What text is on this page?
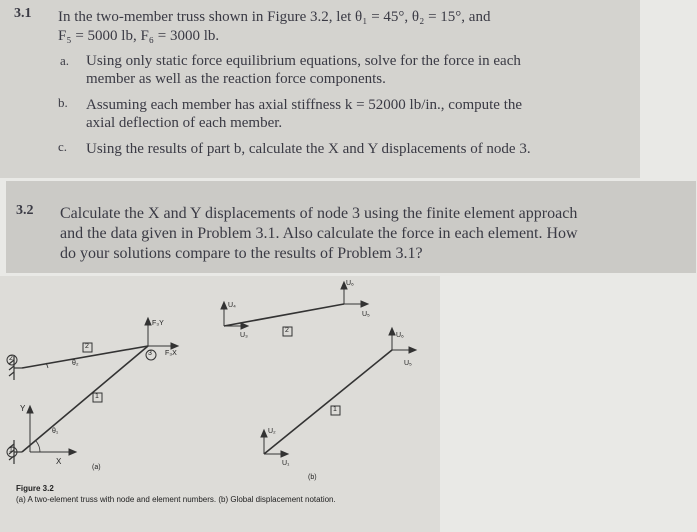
3.1 In the two-member truss shown in Figure 3.2, let θ₁ = 45°, θ₂ = 15°, and
F₅ = 5000 lb, F₆ = 3000 lb.
a. Using only static force equilibrium equations, solve for the force in each
member as well as the reaction force components.
b. Assuming each member has axial stiffness k = 52000 lb/in., compute the
axial deflection of each member.
c. Using the results of part b, calculate the X and Y displacements of node 3.
3.2 Calculate the X and Y displacements of node 3 using the finite element approach
and the data given in Problem 3.1. Also calculate the force in each element. How
do your solutions compare to the results of Problem 3.1?
2
1
3
2
1
θ₁
θ₂
Y
X
F₃Y
F₃X
(a)
U₄
U₃
U₆
U₅
U₂
U₁
U₆
U₅
2
1
(b)
Figure 3.2
(a) A two-element truss with node and element numbers. (b) Global displacement notation.
